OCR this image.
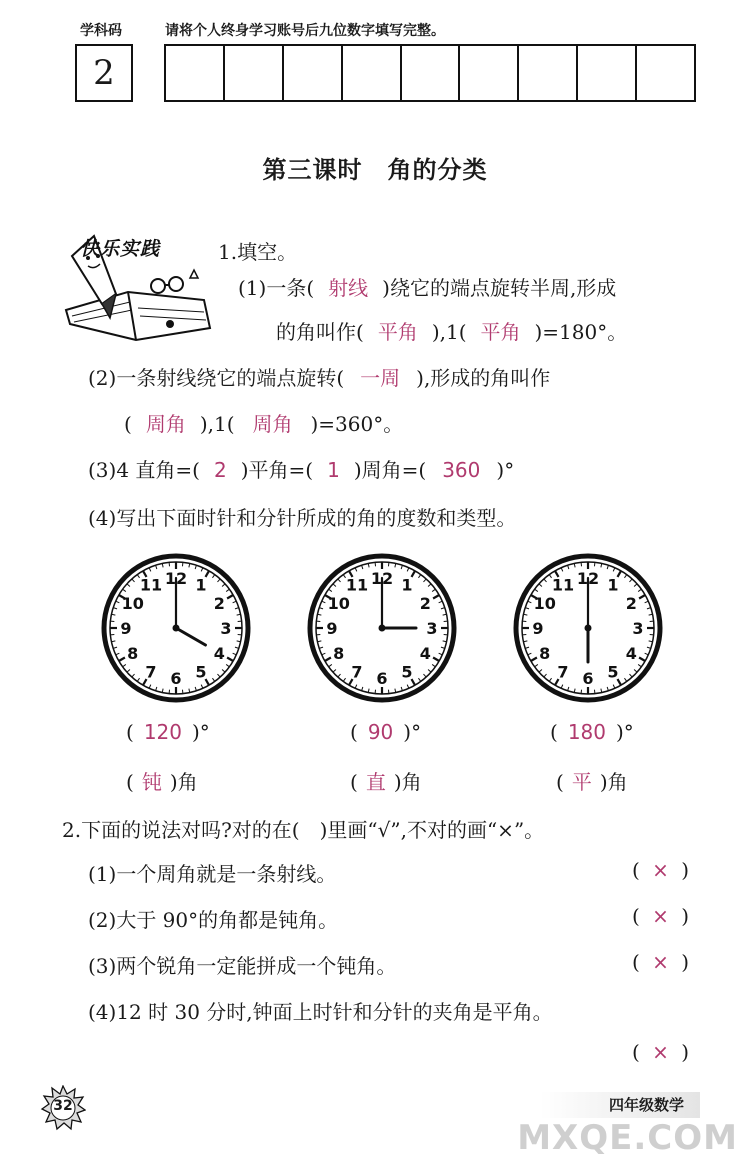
学科码	请将个人终身学习账号后九位数字填写完整。
2
第三课时　角的分类
快乐实践	1.填空。
(1)一条( 射线 )绕它的端点旋转半周,形成
的角叫作( 平角 ),1( 平角 )=180°。
(2)一条射线绕它的端点旋转( 一周 ),形成的角叫作
( 周角 ),1( 周角 )=360°。
(3)4 直角=( 2 )平角=( 1 )周角=( 360 )°
(4)写出下面时针和分针所成的角的度数和类型。
1
2
3
4
5
6
7
8
9
10
11 12	1
2
3
4
5
6
7
8
9
10
11 12	1
2
3
4
5
6
7
8
9
10
11 12
( 120 )°	( 90 )°	( 180 )°
( 钝 )角	( 直 )角	( 平 )角
2.下面的说法对吗?对的在(　)里画“√”,不对的画“×”。
(1)一个周角就是一条射线。	( × )
(2)大于 90°的角都是钝角。	( × )
(3)两个锐角一定能拼成一个钝角。	( × )
(4)12 时 30 分时,钟面上时针和分针的夹角是平角。
( × )
32	四年级数学
MXQE.COM
